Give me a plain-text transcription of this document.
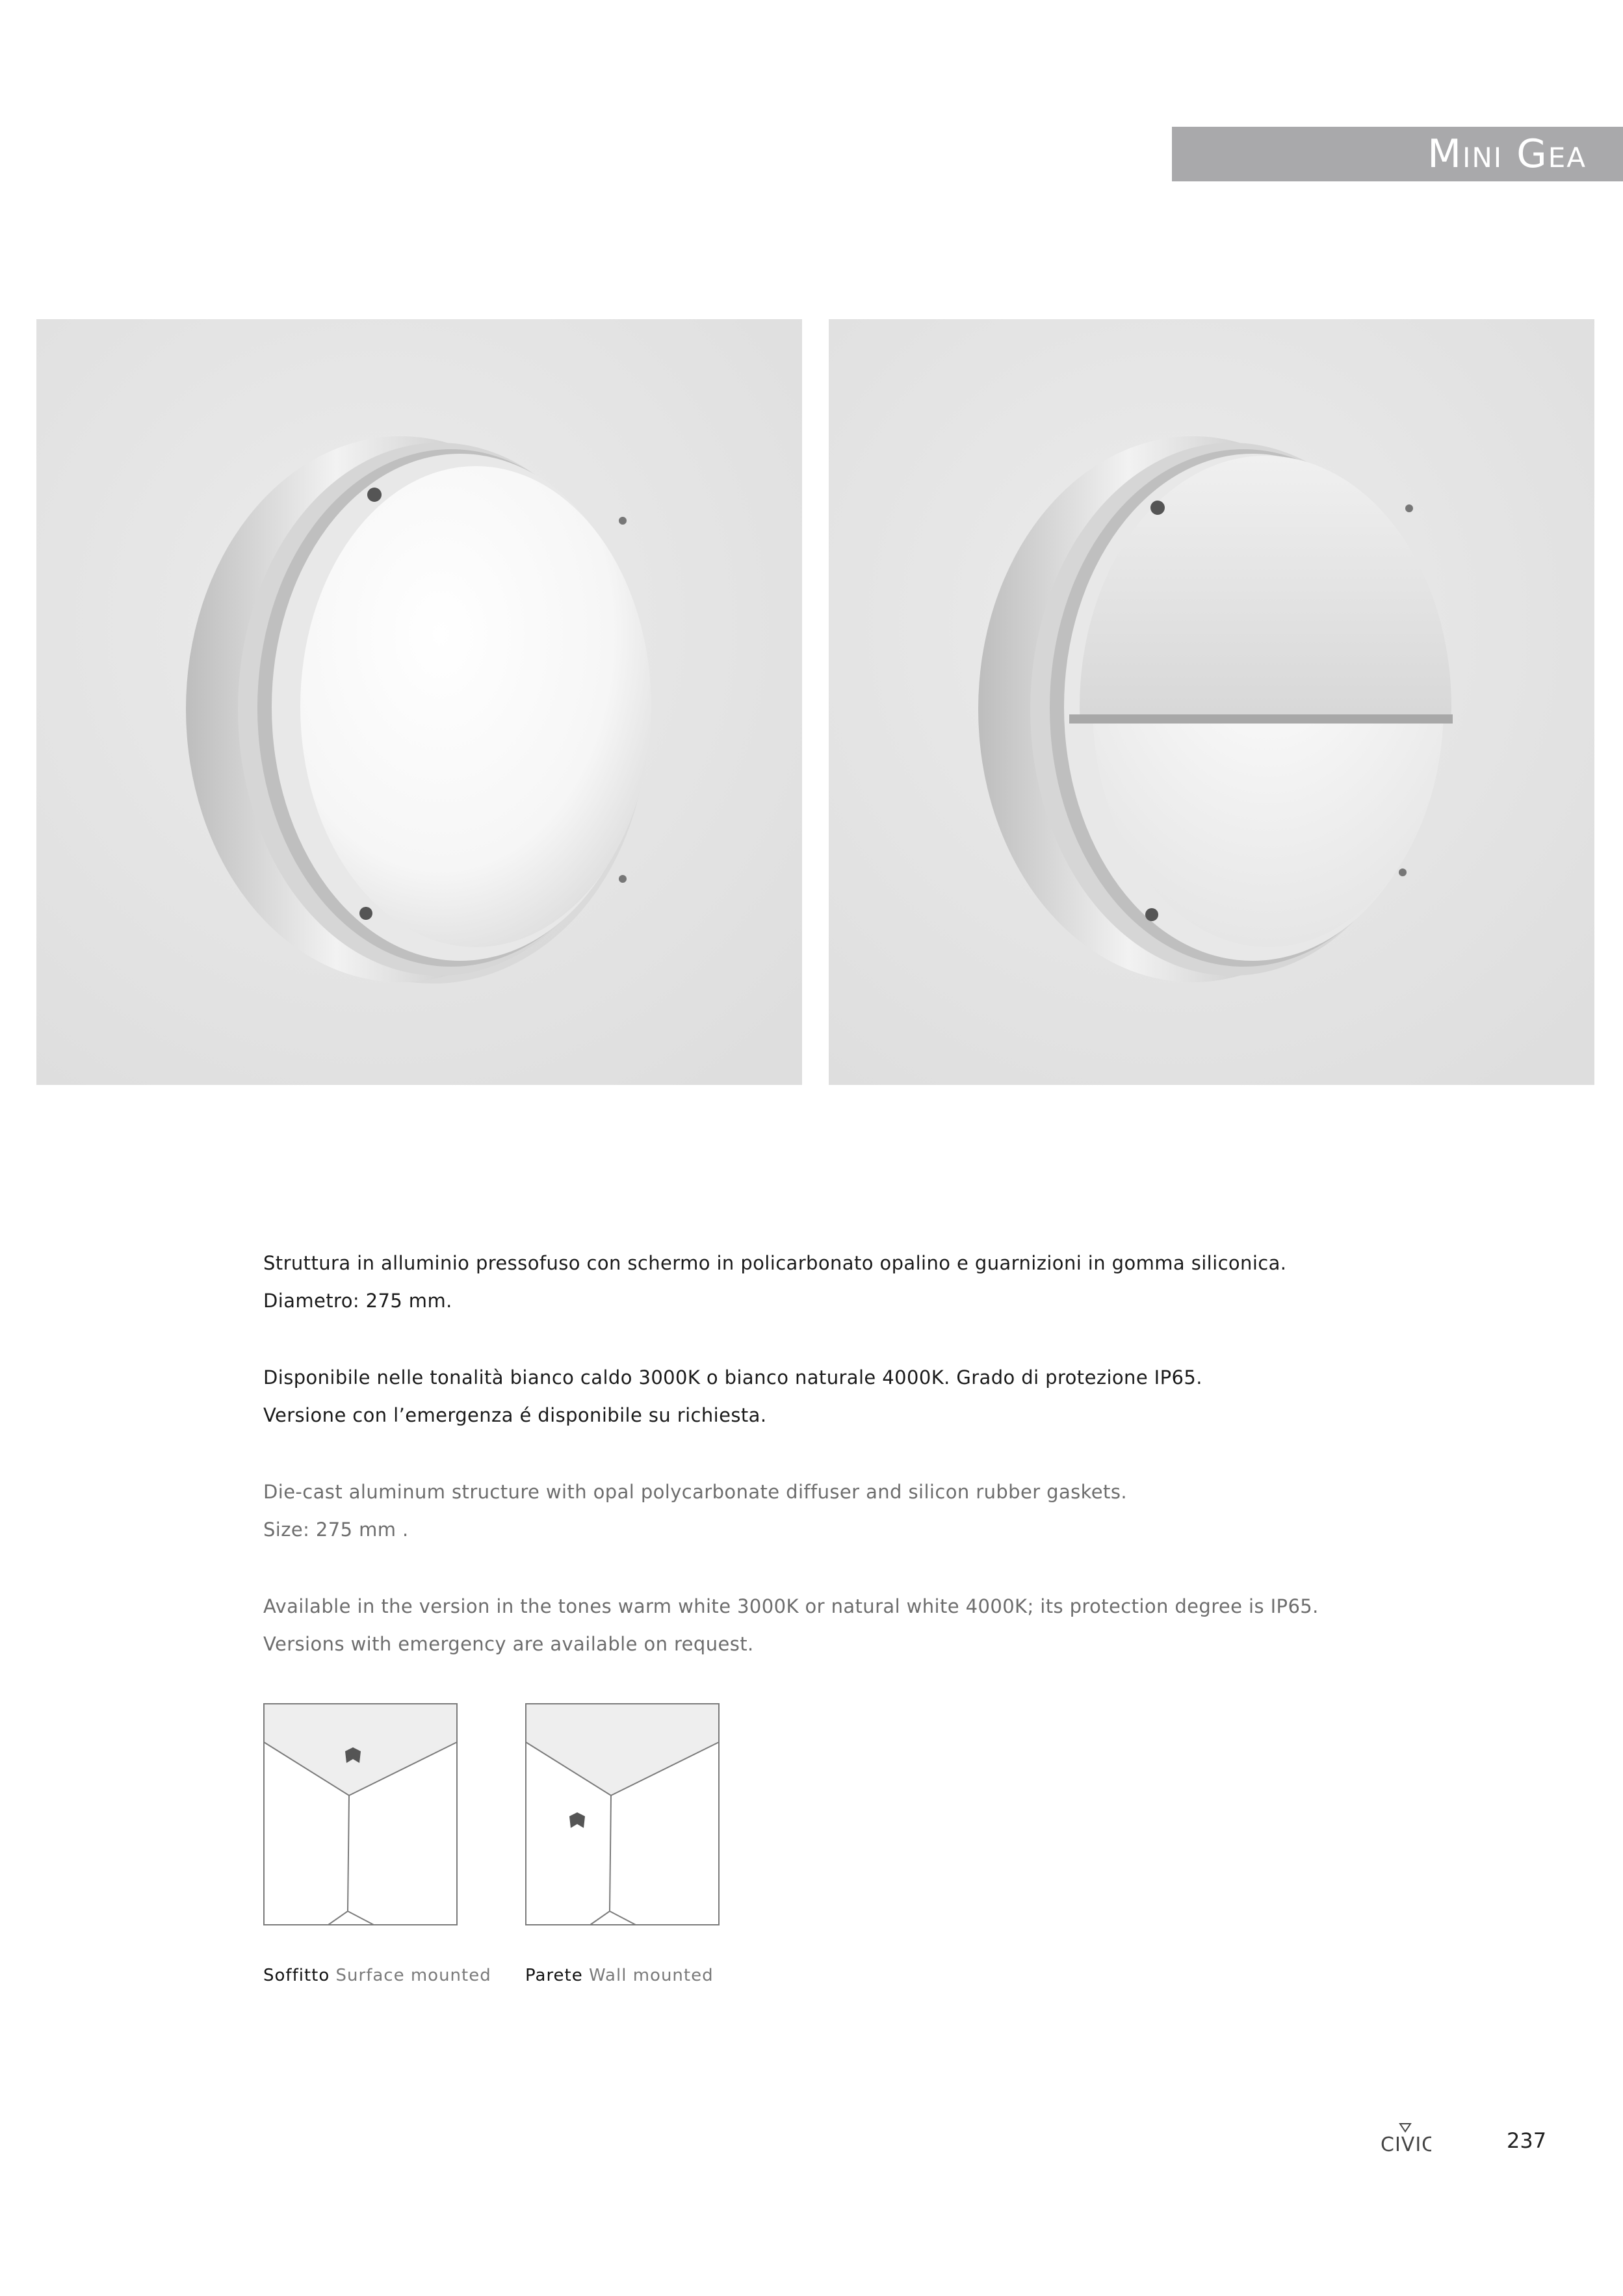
Mini Gea

Struttura in alluminio pressofuso con schermo in policarbonato opalino e guarnizioni in gomma siliconica.

Diametro: 275 mm.

Disponibile nelle tonalità bianco caldo 3000K o bianco naturale 4000K. Grado di protezione IP65.

Versione con l’emergenza é disponibile su richiesta.

Die-cast aluminum structure with opal polycarbonate diffuser and silicon rubber gaskets.

Size: 275 mm .

Available in the version in the tones warm white 3000K or natural white 4000K; its protection degree is IP65.

Versions with emergency are available on request.

Soffitto Surface mounted Parete Wall mounted
CIVIC	237
